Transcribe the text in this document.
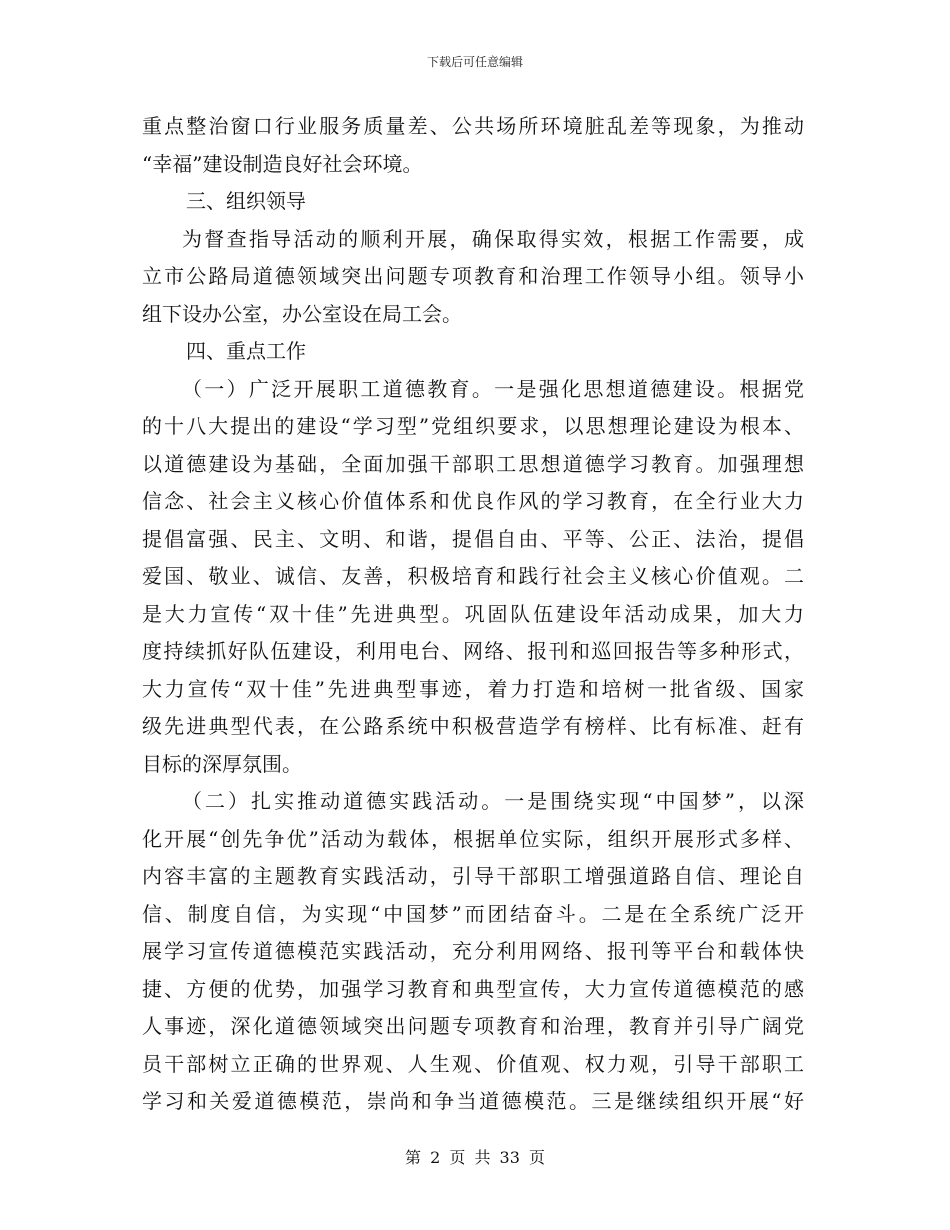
下载后可任意编辑
重点整治窗口行业服务质量差、公共场所环境脏乱差等现象，为推动
“幸福”建设制造良好社会环境。
三、组织领导
为督查指导活动的顺利开展，确保取得实效，根据工作需要，成
立市公路局道德领域突出问题专项教育和治理工作领导小组。领导小
组下设办公室，办公室设在局工会。
四、重点工作
（一）广泛开展职工道德教育。一是强化思想道德建设。根据党
的十八大提出的建设“学习型”党组织要求，以思想理论建设为根本、
以道德建设为基础，全面加强干部职工思想道德学习教育。加强理想
信念、社会主义核心价值体系和优良作风的学习教育，在全行业大力
提倡富强、民主、文明、和谐，提倡自由、平等、公正、法治，提倡
爱国、敬业、诚信、友善，积极培育和践行社会主义核心价值观。二
是大力宣传“双十佳”先进典型。巩固队伍建设年活动成果，加大力
度持续抓好队伍建设，利用电台、网络、报刊和巡回报告等多种形式，
大力宣传“双十佳”先进典型事迹，着力打造和培树一批省级、国家
级先进典型代表，在公路系统中积极营造学有榜样、比有标准、赶有
目标的深厚氛围。
（二）扎实推动道德实践活动。一是围绕实现“中国梦”，以深
化开展“创先争优”活动为载体，根据单位实际，组织开展形式多样、
内容丰富的主题教育实践活动，引导干部职工增强道路自信、理论自
信、制度自信，为实现“中国梦”而团结奋斗。二是在全系统广泛开
展学习宣传道德模范实践活动，充分利用网络、报刊等平台和载体快
捷、方便的优势，加强学习教育和典型宣传，大力宣传道德模范的感
人事迹，深化道德领域突出问题专项教育和治理，教育并引导广阔党
员干部树立正确的世界观、人生观、价值观、权力观，引导干部职工
学习和关爱道德模范，崇尚和争当道德模范。三是继续组织开展“好
第 2 页 共 33 页
